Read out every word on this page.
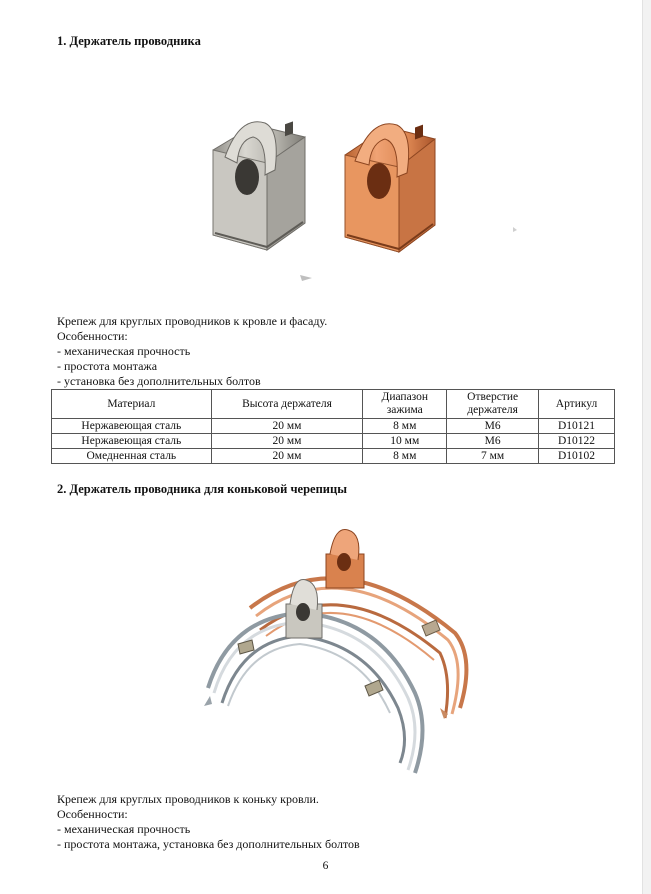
1. Держатель проводника
Крепеж для круглых проводников к кровле и фасаду.
Особенности:
- механическая прочность
- простота монтажа
- установка без дополнительных болтов
Материал	Высота держателя	Диапазон зажима	Отверстие держателя	Артикул
Нержавеющая сталь	20 мм	8 мм	М6	D10121
Нержавеющая сталь	20 мм	10 мм	М6	D10122
Омедненная сталь	20 мм	8 мм	7 мм	D10102
2. Держатель проводника для коньковой черепицы
Крепеж для круглых проводников к коньку кровли.
Особенности:
- механическая прочность
- простота монтажа, установка без дополнительных болтов
6
